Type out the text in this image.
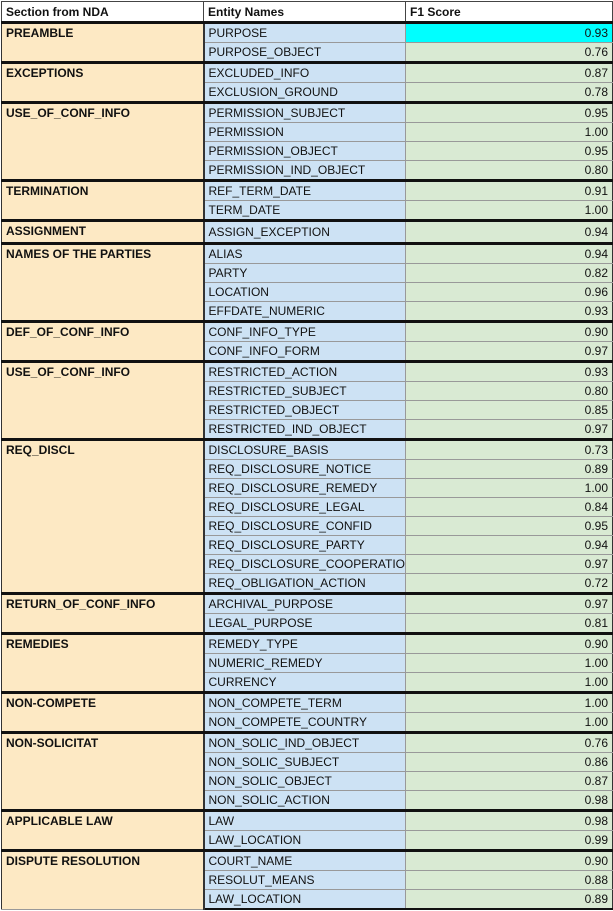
Section from NDA	Entity Names	F1 Score
PREAMBLE	PURPOSE	0.93
	PURPOSE_OBJECT	0.76
EXCEPTIONS	EXCLUDED_INFO	0.87
	EXCLUSION_GROUND	0.78
USE_OF_CONF_INFO	PERMISSION_SUBJECT	0.95
	PERMISSION	1.00
	PERMISSION_OBJECT	0.95
	PERMISSION_IND_OBJECT	0.80
TERMINATION	REF_TERM_DATE	0.91
	TERM_DATE	1.00
ASSIGNMENT	ASSIGN_EXCEPTION	0.94
NAMES OF THE PARTIES	ALIAS	0.94
	PARTY	0.82
	LOCATION	0.96
	EFFDATE_NUMERIC	0.93
DEF_OF_CONF_INFO	CONF_INFO_TYPE	0.90
	CONF_INFO_FORM	0.97
USE_OF_CONF_INFO	RESTRICTED_ACTION	0.93
	RESTRICTED_SUBJECT	0.80
	RESTRICTED_OBJECT	0.85
	RESTRICTED_IND_OBJECT	0.97
REQ_DISCL	DISCLOSURE_BASIS	0.73
	REQ_DISCLOSURE_NOTICE	0.89
	REQ_DISCLOSURE_REMEDY	1.00
	REQ_DISCLOSURE_LEGAL	0.84
	REQ_DISCLOSURE_CONFID	0.95
	REQ_DISCLOSURE_PARTY	0.94
	REQ_DISCLOSURE_COOPERATIO	0.97
	REQ_OBLIGATION_ACTION	0.72
RETURN_OF_CONF_INFO	ARCHIVAL_PURPOSE	0.97
	LEGAL_PURPOSE	0.81
REMEDIES	REMEDY_TYPE	0.90
	NUMERIC_REMEDY	1.00
	CURRENCY	1.00
NON-COMPETE	NON_COMPETE_TERM	1.00
	NON_COMPETE_COUNTRY	1.00
NON-SOLICITAT	NON_SOLIC_IND_OBJECT	0.76
	NON_SOLIC_SUBJECT	0.86
	NON_SOLIC_OBJECT	0.87
	NON_SOLIC_ACTION	0.98
APPLICABLE LAW	LAW	0.98
	LAW_LOCATION	0.99
DISPUTE RESOLUTION	COURT_NAME	0.90
	RESOLUT_MEANS	0.88
	LAW_LOCATION	0.89
